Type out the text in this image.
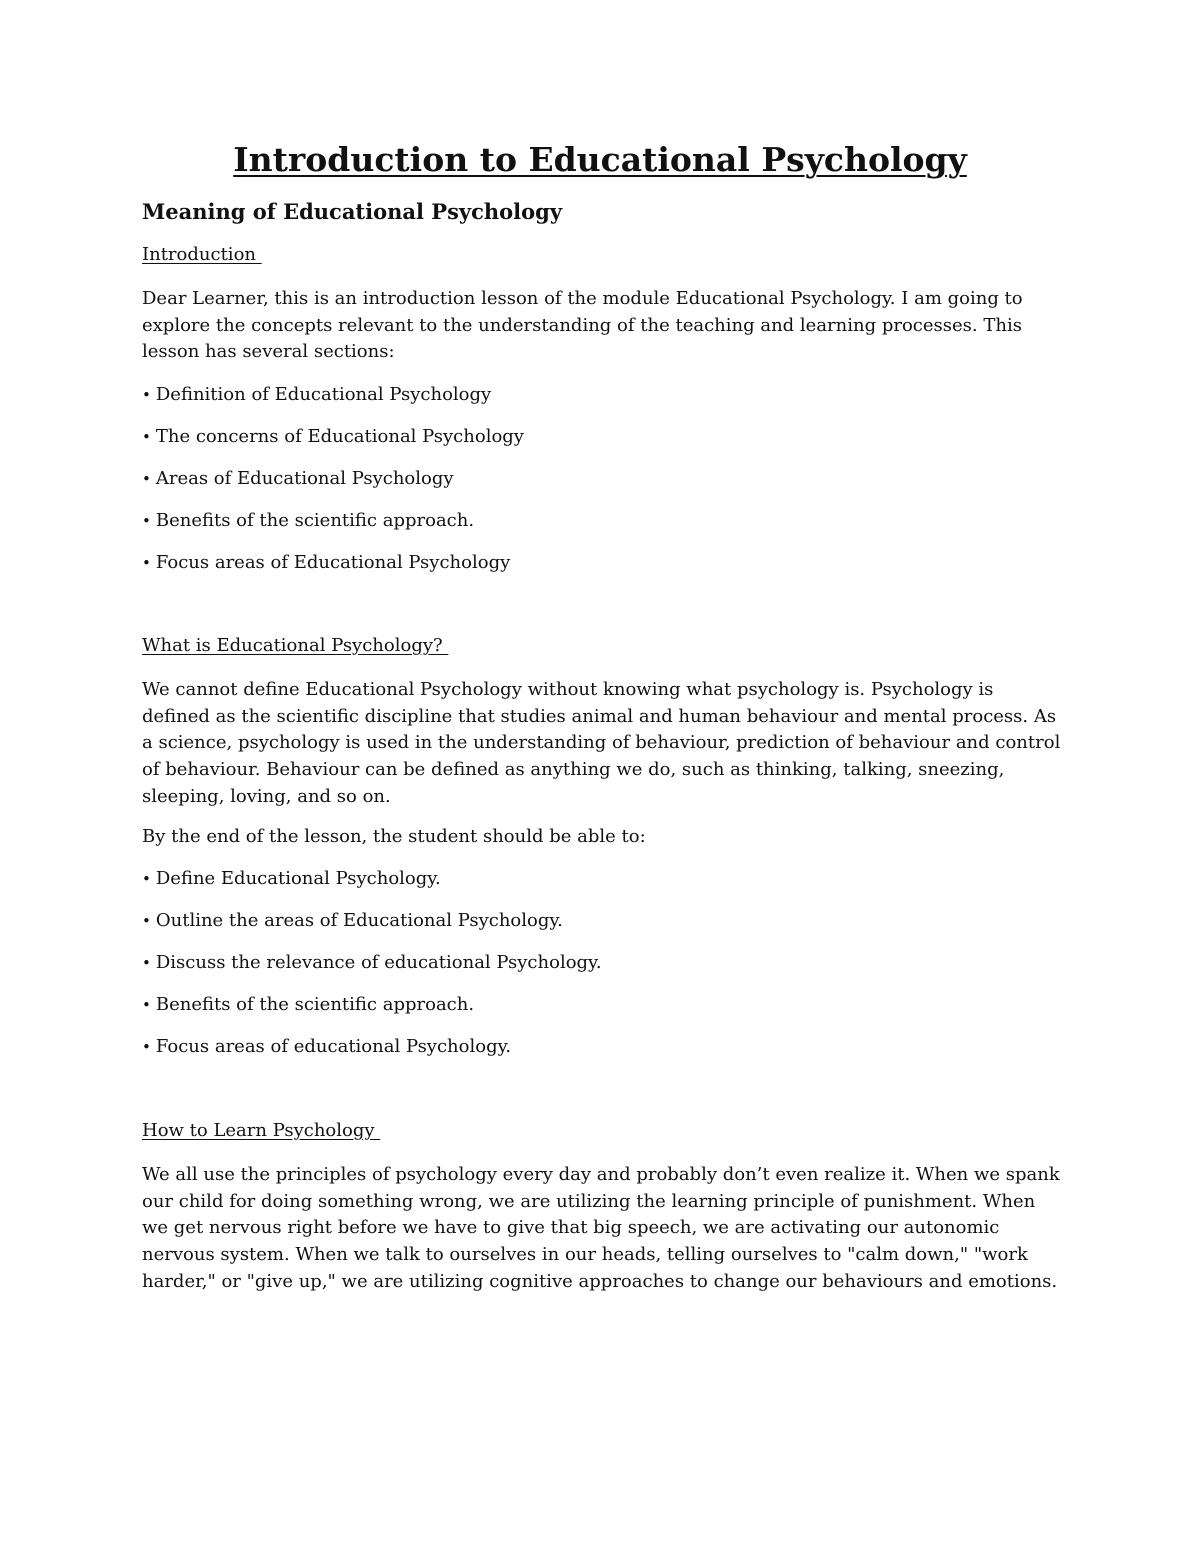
Introduction to Educational Psychology
Meaning of Educational Psychology
Introduction

Dear Learner, this is an introduction lesson of the module Educational Psychology. I am going to explore the concepts relevant to the understanding of the teaching and learning processes. This lesson has several sections:

• Definition of Educational Psychology
• The concerns of Educational Psychology
• Areas of Educational Psychology
• Benefits of the scientific approach.
• Focus areas of Educational Psychology
What is Educational Psychology?

We cannot define Educational Psychology without knowing what psychology is. Psychology is defined as the scientific discipline that studies animal and human behaviour and mental process. As a science, psychology is used in the understanding of behaviour, prediction of behaviour and control of behaviour. Behaviour can be defined as anything we do, such as thinking, talking, sneezing, sleeping, loving, and so on.

By the end of the lesson, the student should be able to:

• Define Educational Psychology.
• Outline the areas of Educational Psychology.
• Discuss the relevance of educational Psychology.
• Benefits of the scientific approach.
• Focus areas of educational Psychology.
How to Learn Psychology

We all use the principles of psychology every day and probably don’t even realize it. When we spank our child for doing something wrong, we are utilizing the learning principle of punishment. When we get nervous right before we have to give that big speech, we are activating our autonomic nervous system. When we talk to ourselves in our heads, telling ourselves to "calm down," "work harder," or "give up," we are utilizing cognitive approaches to change our behaviours and emotions.
